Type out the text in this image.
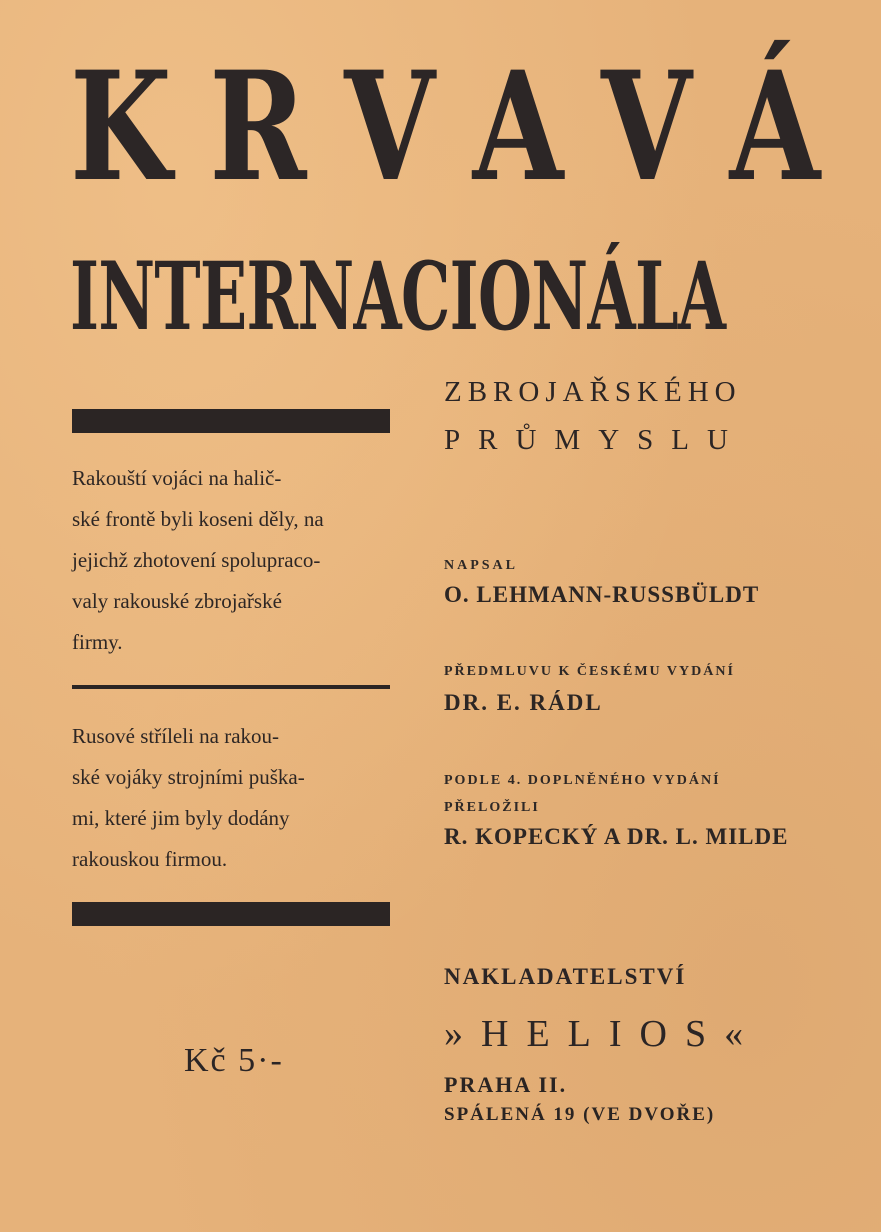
K R V A V Á
INTERNACIONÁLA
Rakouští vojáci na halič-
ské frontě byli koseni děly, na
jejichž zhotovení spolupraco-
valy rakouské zbrojařské
firmy.
Rusové stříleli na rakou-
ské vojáky strojními puška-
mi, které jim byly dodány
rakouskou firmou.
Kč 5·-

ZBROJAŘSKÉHO

PRŮMYSLU

NAPSAL

O. LEHMANN-RUSSBÜLDT

PŘEDMLUVU K ČESKÉMU VYDÁNÍ

DR. E. RÁDL

PODLE 4. DOPLNĚNÉHO VYDÁNÍ

PŘELOŽILI

R. KOPECKÝ A DR. L. MILDE

NAKLADATELSTVÍ

»HELIOS«

PRAHA II.

SPÁLENÁ 19 (VE DVOŘE)
